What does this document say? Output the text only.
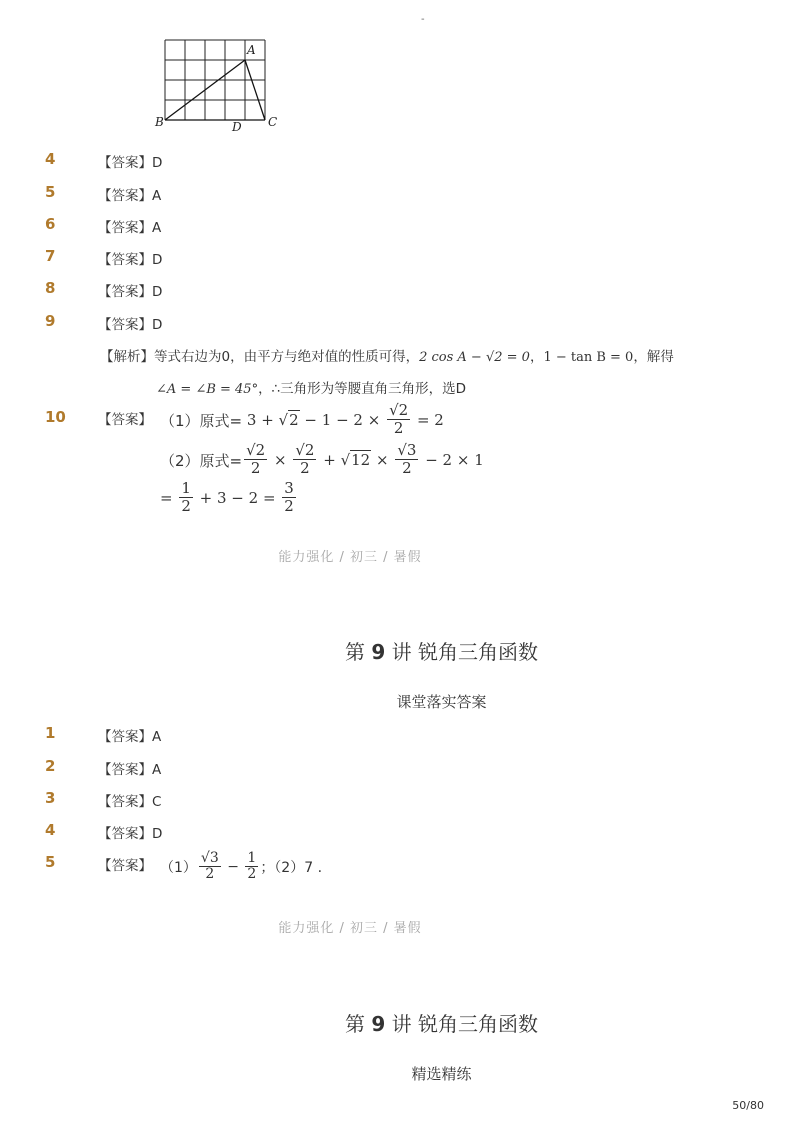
-
A
B	C
D
4	【答案】D
5	【答案】A
6	【答案】A
7	【答案】D
8	【答案】D
9	【答案】D
【解析】等式右边为0，由平方与绝对值的性质可得，2 cos A − √2 = 0，1 − tan B = 0，解得
∠A = ∠B = 45°，∴三角形为等腰直角三角形，选D
10 【答案】 （1）原式= $3 + √2 - 1 - 2 \times \frac{√2}{2} = 2$
（2）原式= $\frac{√2}{2} \times \frac{√2}{2} + √12 \times \frac{√3}{2} - 2 \times 1$
= $\frac{1}{2} + 3 - 2 = \frac{3}{2}$
能力强化 / 初三 / 暑假
第 9 讲 锐角三角函数
课堂落实答案
1	【答案】A
2	【答案】A
3	【答案】C
4	【答案】D
5	【答案】 $(1) \frac{√3}{2} - \frac{1}{2}$ ；（2）7 .
能力强化 / 初三 / 暑假
第 9 讲 锐角三角函数
精选精练
50/80
